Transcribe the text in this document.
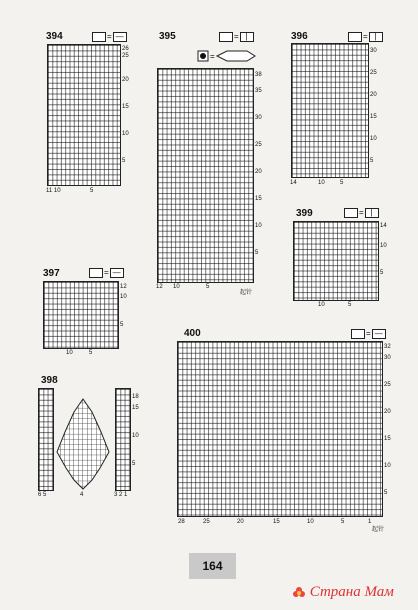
394	= —
26
25
20
15
10
5
11 10	5
395	= |
=
38
35
30
25
20
15
10
5
12 10	5
起针
396	= |
30
25
20
15
10
5
14	10	5
397	= —
12
10
5
10	5
398
18
15
10
5
6 5	4	3 2 1
399	= |
14
10
5
10	5
400	= —
32
30
25
20
15
10
5
28	25	20	15	10	5	1
起针
164
Страна Мам
